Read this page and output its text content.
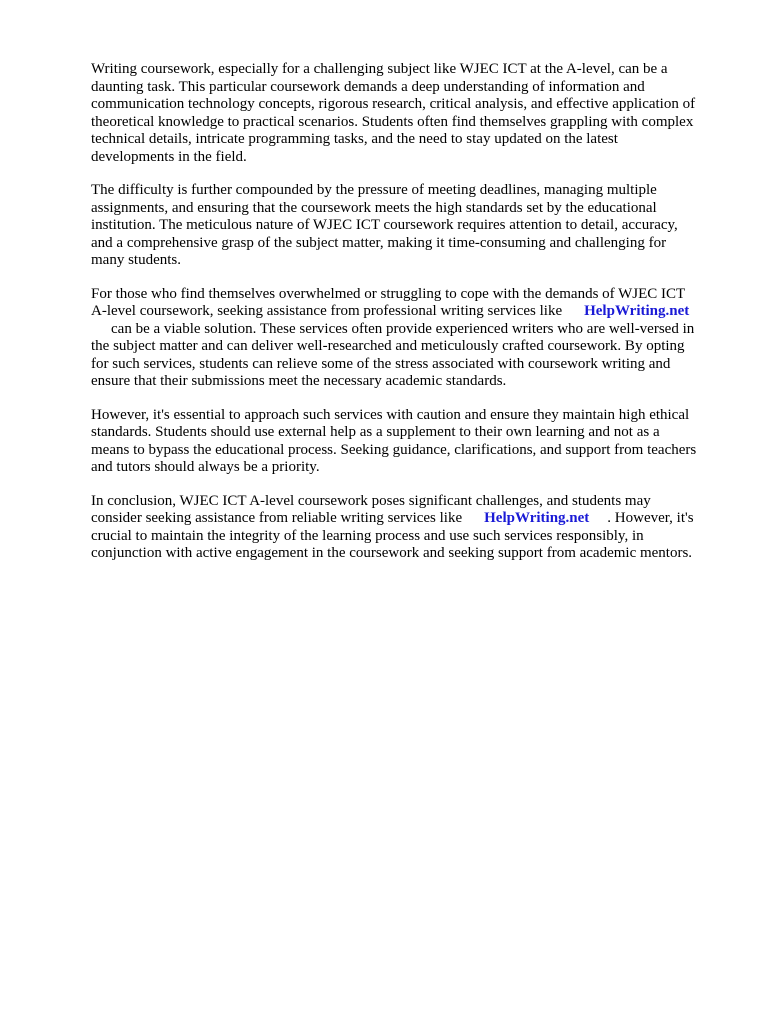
Writing coursework, especially for a challenging subject like WJEC ICT at the A-level, can be a
daunting task. This particular coursework demands a deep understanding of information and
communication technology concepts, rigorous research, critical analysis, and effective application of
theoretical knowledge to practical scenarios. Students often find themselves grappling with complex
technical details, intricate programming tasks, and the need to stay updated on the latest
developments in the field.
The difficulty is further compounded by the pressure of meeting deadlines, managing multiple
assignments, and ensuring that the coursework meets the high standards set by the educational
institution. The meticulous nature of WJEC ICT coursework requires attention to detail, accuracy,
and a comprehensive grasp of the subject matter, making it time-consuming and challenging for
many students.
For those who find themselves overwhelmed or struggling to cope with the demands of WJEC ICT
A-level coursework, seeking assistance from professional writing services like HelpWriting.net
can be a viable solution. These services often provide experienced writers who are well-versed in
the subject matter and can deliver well-researched and meticulously crafted coursework. By opting
for such services, students can relieve some of the stress associated with coursework writing and
ensure that their submissions meet the necessary academic standards.
However, it's essential to approach such services with caution and ensure they maintain high ethical
standards. Students should use external help as a supplement to their own learning and not as a
means to bypass the educational process. Seeking guidance, clarifications, and support from teachers
and tutors should always be a priority.
In conclusion, WJEC ICT A-level coursework poses significant challenges, and students may
consider seeking assistance from reliable writing services like HelpWriting.net . However, it's
crucial to maintain the integrity of the learning process and use such services responsibly, in
conjunction with active engagement in the coursework and seeking support from academic mentors.
